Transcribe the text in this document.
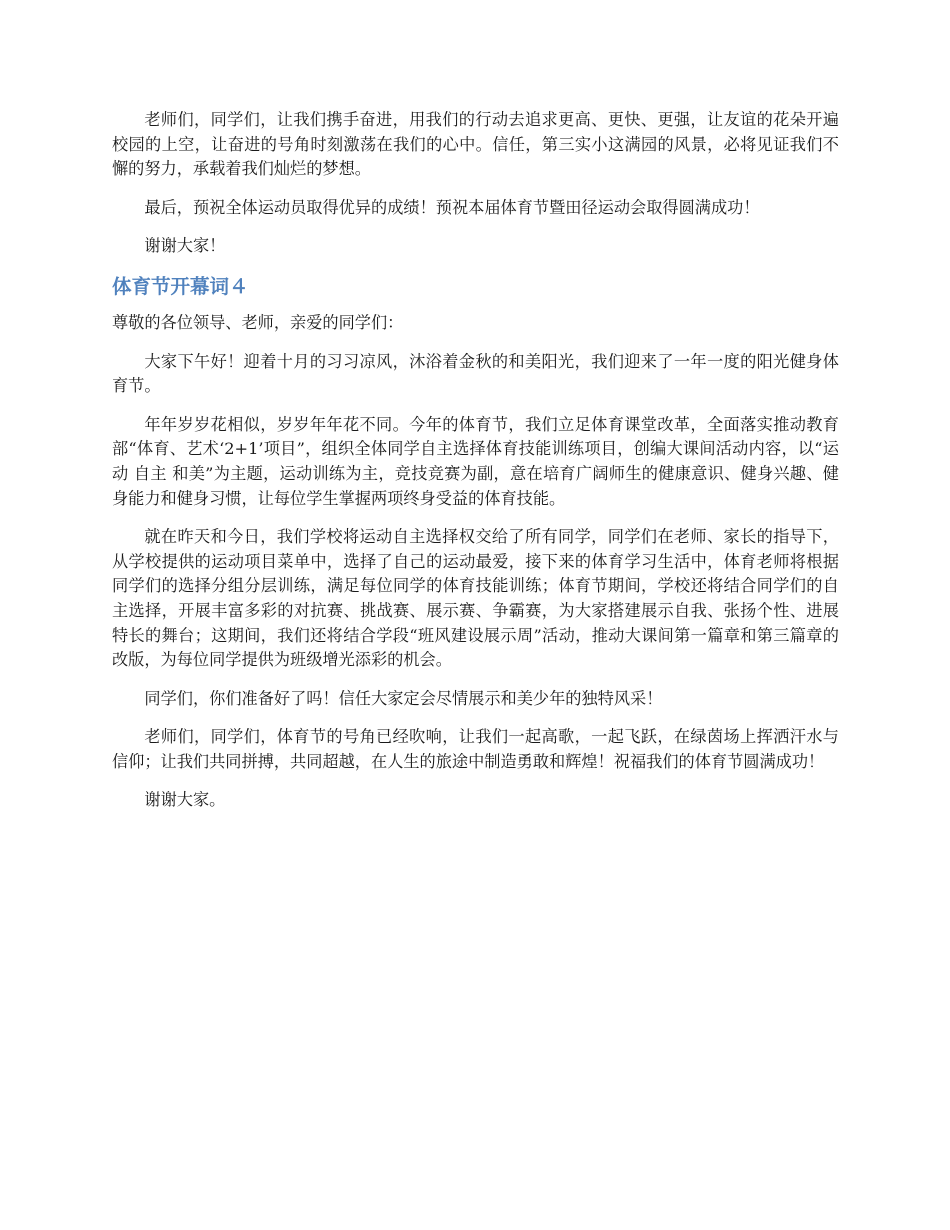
老师们，同学们，让我们携手奋进，用我们的行动去追求更高、更快、更强，让友谊的花朵开遍校园的上空，让奋进的号角时刻激荡在我们的心中。信任，第三实小这满园的风景，必将见证我们不懈的努力，承载着我们灿烂的梦想。

最后，预祝全体运动员取得优异的成绩！预祝本届体育节暨田径运动会取得圆满成功！

谢谢大家！

体育节开幕词４

尊敬的各位领导、老师，亲爱的同学们：

大家下午好！迎着十月的习习凉风，沐浴着金秋的和美阳光，我们迎来了一年一度的阳光健身体育节。

年年岁岁花相似，岁岁年年花不同。今年的体育节，我们立足体育课堂改革，全面落实推动教育部“体育、艺术‘2+1’项目”，组织全体同学自主选择体育技能训练项目，创编大课间活动内容，以“运动 自主 和美”为主题，运动训练为主，竞技竞赛为副，意在培育广阔师生的健康意识、健身兴趣、健身能力和健身习惯，让每位学生掌握两项终身受益的体育技能。

就在昨天和今日，我们学校将运动自主选择权交给了所有同学，同学们在老师、家长的指导下，从学校提供的运动项目菜单中，选择了自己的运动最爱，接下来的体育学习生活中，体育老师将根据同学们的选择分组分层训练，满足每位同学的体育技能训练；体育节期间，学校还将结合同学们的自主选择，开展丰富多彩的对抗赛、挑战赛、展示赛、争霸赛，为大家搭建展示自我、张扬个性、进展特长的舞台；这期间，我们还将结合学段“班风建设展示周”活动，推动大课间第一篇章和第三篇章的改版，为每位同学提供为班级增光添彩的机会。

同学们，你们准备好了吗！信任大家定会尽情展示和美少年的独特风采！

老师们，同学们，体育节的号角已经吹响，让我们一起高歌，一起飞跃，在绿茵场上挥洒汗水与信仰；让我们共同拼搏，共同超越，在人生的旅途中制造勇敢和辉煌！祝福我们的体育节圆满成功！

谢谢大家。
